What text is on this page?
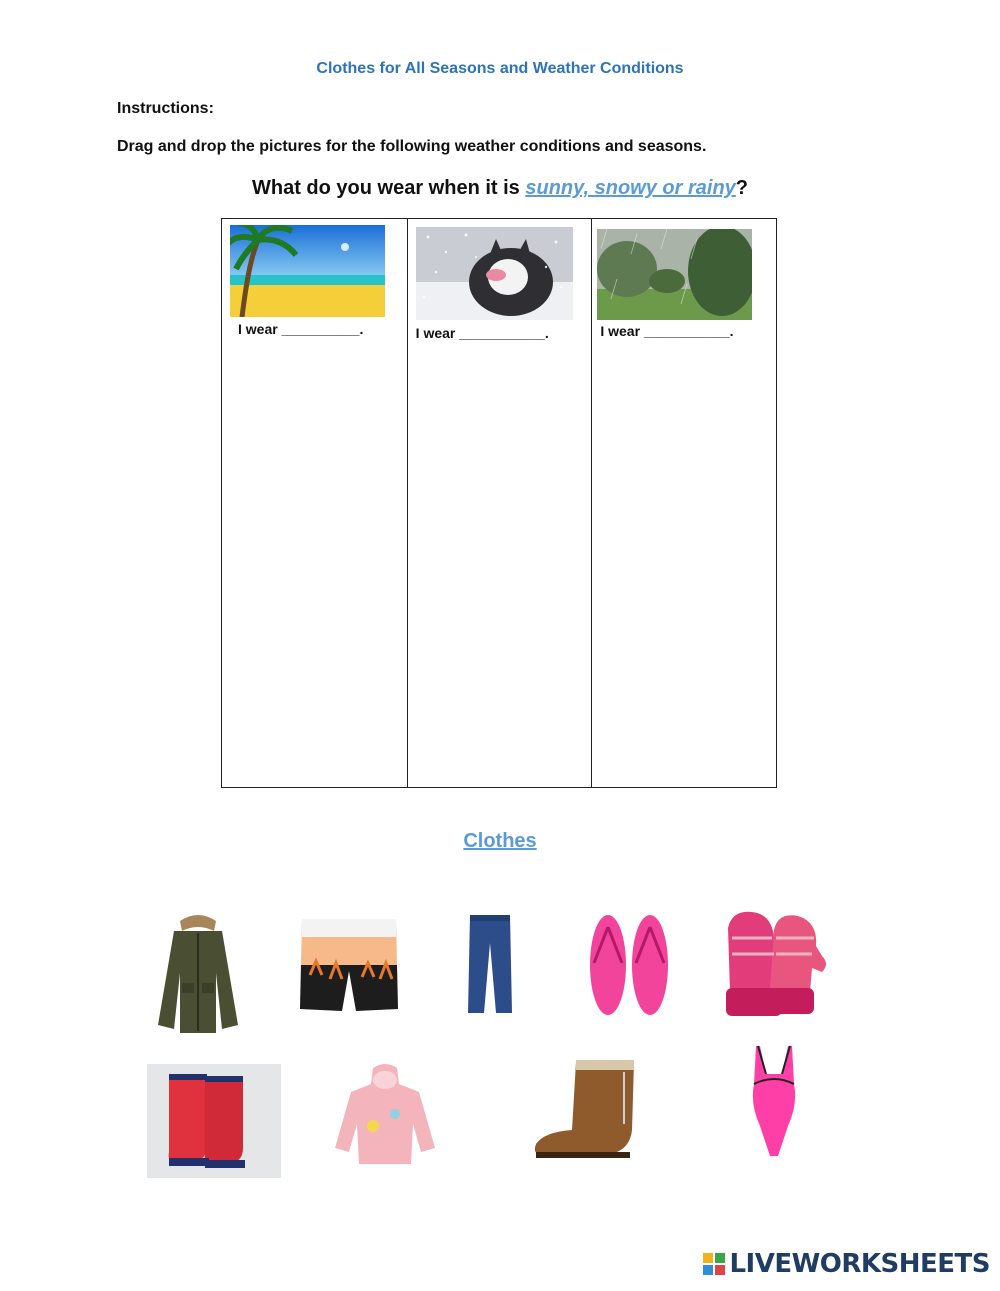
Clothes for All Seasons and Weather Conditions
Instructions:
Drag and drop the pictures for the following weather conditions and seasons.
What do you wear when it is sunny, snowy or rainy?
I wear __________.	I wear ___________.	I wear ___________.
Clothes
LIVEWORKSHEETS
